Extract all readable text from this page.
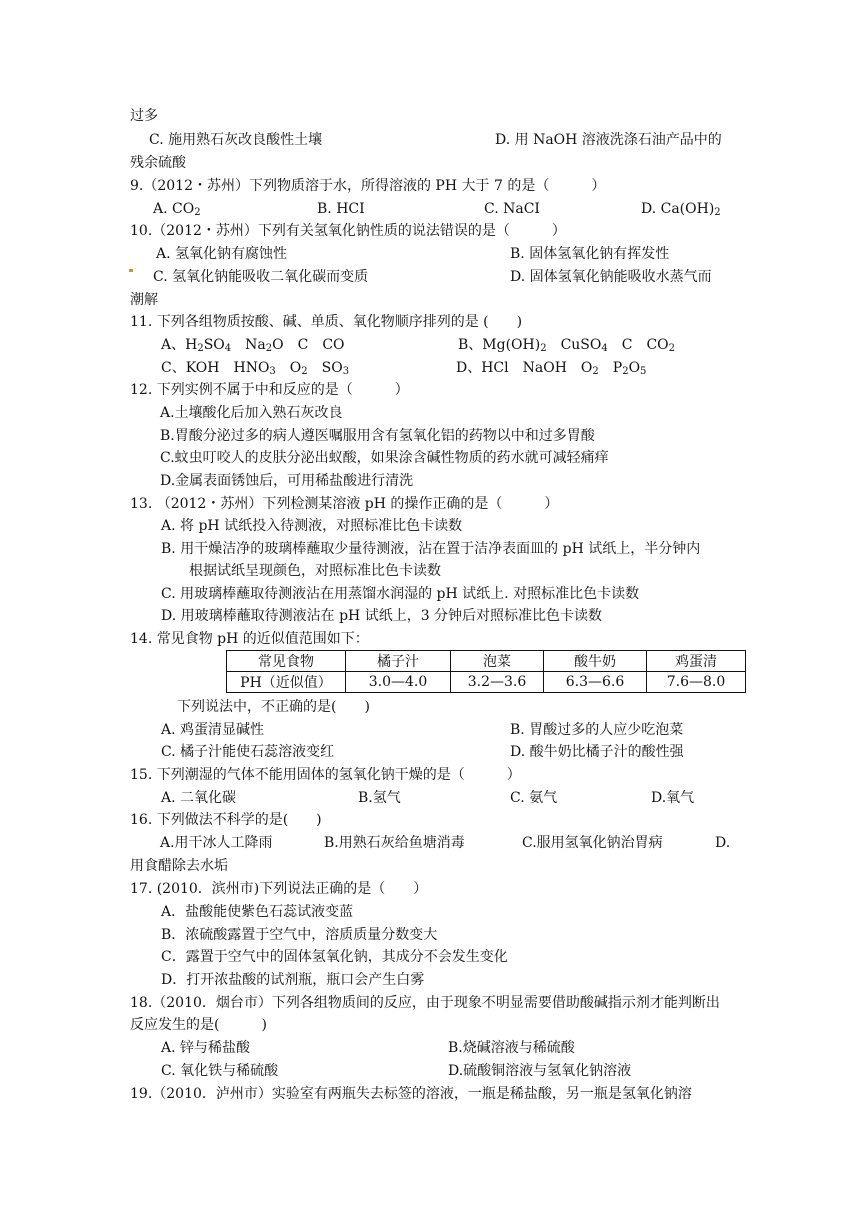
过多
C. 施用熟石灰改良酸性土壤	D. 用 NaOH 溶液洗涤石油产品中的
残余硫酸
9.（2012・苏州）下列物质溶于水，所得溶液的 PH 大于 7 的是（　　　）
A. $CO_2$	B. HCI	C. NaCI	D. $Ca(OH)_2$
10.（2012・苏州）下列有关氢氧化钠性质的说法错误的是（　　　）
A. 氢氧化钠有腐蚀性	B. 固体氢氧化钠有挥发性
C. 氢氧化钠能吸收二氧化碳而变质	D. 固体氢氧化钠能吸收水蒸气而
潮解
11. 下列各组物质按酸、碱、单质、氧化物顺序排列的是 (　　)
A、$H_2SO_4$　$Na_2O$　C　CO	B、$Mg(OH)_2$　CuSO$_4$　C　$CO_2$
C、KOH　$HNO_3$　$O_2$　$SO_3$	D、HCl　NaOH　$O_2$　$P_2O_5$
12. 下列实例不属于中和反应的是（　　　）
A.土壤酸化后加入熟石灰改良
B.胃酸分泌过多的病人遵医嘱服用含有氢氧化铝的药物以中和过多胃酸
C.蚊虫叮咬人的皮肤分泌出蚁酸，如果涂含碱性物质的药水就可减轻痛痒
D.金属表面锈蚀后，可用稀盐酸进行清洗
13. （2012・苏州）下列检测某溶液 pH 的操作正确的是（　　　）
A. 将 pH 试纸投入待测液，对照标准比色卡读数
B. 用干燥洁净的玻璃棒蘸取少量待测液，沾在置于洁净表面皿的 pH 试纸上，半分钟内
根据试纸呈现颜色，对照标准比色卡读数
C. 用玻璃棒蘸取待测液沾在用蒸馏水润湿的 pH 试纸上. 对照标准比色卡读数
D. 用玻璃棒蘸取待测液沾在 pH 试纸上，3 分钟后对照标准比色卡读数
14. 常见食物 pH 的近似值范围如下：
常见食物	橘子汁	泡菜	酸牛奶	鸡蛋清
PH（近似值）	3.0—4.0	3.2—3.6	6.3—6.6	7.6—8.0
下列说法中，不正确的是(　　)
A. 鸡蛋清显碱性	B. 胃酸过多的人应少吃泡菜
C. 橘子汁能使石蕊溶液变红	D. 酸牛奶比橘子汁的酸性强
15. 下列潮湿的气体不能用固体的氢氧化钠干燥的是（　　　）
A. 二氧化碳	B.氢气	C. 氨气	D.氧气
16. 下列做法不科学的是(　　)
A.用干冰人工降雨	B.用熟石灰给鱼塘消毒	C.服用氢氧化钠治胃病	D.
用食醋除去水垢
17. (2010．滨州市)下列说法正确的是（　　）
A．盐酸能使紫色石蕊试液变蓝
B．浓硫酸露置于空气中，溶质质量分数变大
C．露置于空气中的固体氢氧化钠，其成分不会发生变化
D．打开浓盐酸的试剂瓶，瓶口会产生白雾
18.（2010．烟台市）下列各组物质间的反应，由于现象不明显需要借助酸碱指示剂才能判断出
反应发生的是(　　　)
A. 锌与稀盐酸	B.烧碱溶液与稀硫酸
C. 氧化铁与稀硫酸	D.硫酸铜溶液与氢氧化钠溶液
19.（2010．泸州市）实验室有两瓶失去标签的溶液，一瓶是稀盐酸，另一瓶是氢氧化钠溶
